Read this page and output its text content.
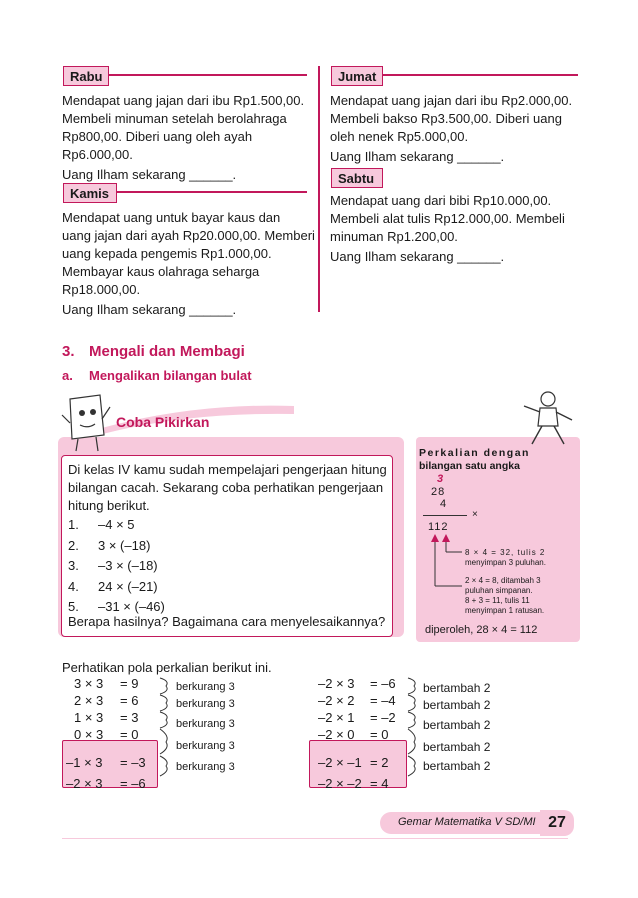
Rabu
Mendapat uang jajan dari ibu Rp1.500,00.
Membeli minuman setelah berolahraga
Rp800,00. Diberi uang oleh ayah
Rp6.000,00.
Uang Ilham sekarang ______.
Kamis
Mendapat uang untuk bayar kaus dan
uang jajan dari ayah Rp20.000,00. Memberi
uang kepada pengemis Rp1.000,00.
Membayar kaus olahraga seharga
Rp18.000,00.
Uang Ilham sekarang ______.
Jumat
Mendapat uang jajan dari ibu Rp2.000,00.
Membeli bakso Rp3.500,00. Diberi uang
oleh nenek Rp5.000,00.
Uang Ilham sekarang ______.
Sabtu
Mendapat uang dari bibi Rp10.000,00.
Membeli alat tulis Rp12.000,00. Membeli
minuman Rp1.200,00.
Uang Ilham sekarang ______.
3. Mengali dan Membagi
a. Mengalikan bilangan bulat
Coba Pikirkan
Di kelas IV kamu sudah mempelajari pengerjaan hitung
bilangan cacah. Sekarang coba perhatikan pengerjaan
hitung berikut.
1. –4 × 5
2. 3 × (–18)
3. –3 × (–18)
4. 24 × (–21)
5. –31 × (–46)
Berapa hasilnya? Bagaimana cara menyelesaikannya?
Perkalian dengan
bilangan satu angka
3
28
4
×
112
8 × 4 = 32, tulis 2
menyimpan 3 puluhan.
2 × 4 = 8, ditambah 3
puluhan simpanan.
8 + 3 = 11, tulis 11
menyimpan 1 ratusan.
diperoleh, 28 × 4 = 112
Perhatikan pola perkalian berikut ini.
3 × 3 = 9
2 × 3 = 6
1 × 3 = 3
0 × 3 = 0
–1 × 3 = –3
–2 × 3 = –6
berkurang 3
berkurang 3
berkurang 3
berkurang 3
berkurang 3
–2 × 3 = –6
–2 × 2 = –4
–2 × 1 = –2
–2 × 0 = 0
–2 × –1 = 2
–2 × –2 = 4
bertambah 2
bertambah 2
bertambah 2
bertambah 2
bertambah 2
Gemar Matematika V SD/MI 27
